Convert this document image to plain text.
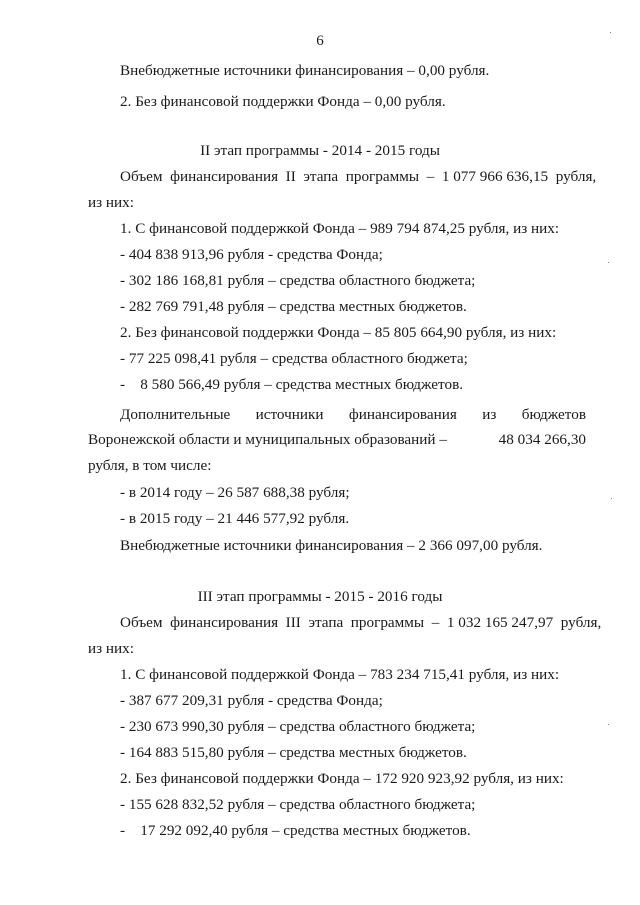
6
Внебюджетные источники финансирования – 0,00 рубля.
2. Без финансовой поддержки Фонда – 0,00 рубля.
II этап программы - 2014 - 2015 годы
Объем  финансирования  II  этапа  программы  –  1 077 966 636,15  рубля,
из них:
1. С финансовой поддержкой Фонда – 989 794 874,25 рубля, из них:
- 404 838 913,96 рубля - средства Фонда;
- 302 186 168,81 рубля – средства областного бюджета;
- 282 769 791,48 рубля – средства местных бюджетов.
2. Без финансовой поддержки Фонда – 85 805 664,90 рубля, из них:
- 77 225 098,41 рубля – средства областного бюджета;
-    8 580 566,49 рубля – средства местных бюджетов.
Дополнительные источники финансирования из бюджетов
Воронежской области и муниципальных образований –	48 034 266,30
рубля, в том числе:
- в 2014 году – 26 587 688,38 рубля;
- в 2015 году – 21 446 577,92 рубля.
Внебюджетные источники финансирования – 2 366 097,00 рубля.
III этап программы - 2015 - 2016 годы
Объем  финансирования  III  этапа  программы  –  1 032 165 247,97  рубля,
из них:
1. С финансовой поддержкой Фонда – 783 234 715,41 рубля, из них:
- 387 677 209,31 рубля - средства Фонда;
- 230 673 990,30 рубля – средства областного бюджета;
- 164 883 515,80 рубля – средства местных бюджетов.
2. Без финансовой поддержки Фонда – 172 920 923,92 рубля, из них:
- 155 628 832,52 рубля – средства областного бюджета;
-    17 292 092,40 рубля – средства местных бюджетов.
